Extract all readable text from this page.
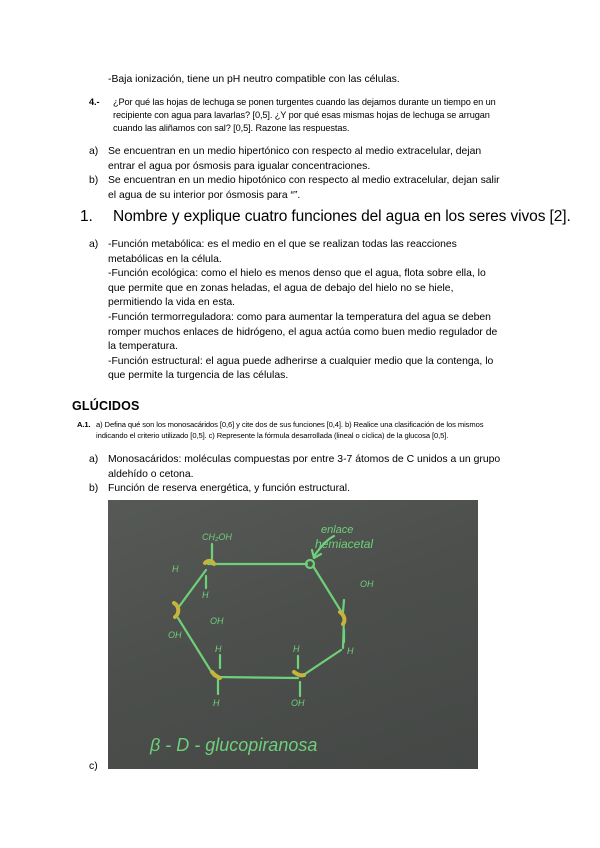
-Baja ionización, tiene un pH neutro compatible con las células.
4.- ¿Por qué las hojas de lechuga se ponen turgentes cuando las dejamos durante un tiempo en un
recipiente con agua para lavarlas? [0,5]. ¿Y por qué esas mismas hojas de lechuga se arrugan
cuando las aliñamos con sal? [0,5]. Razone las respuestas.
a) Se encuentran en un medio hipertónico con respecto al medio extracelular, dejan
entrar el agua por ósmosis para igualar concentraciones.
b) Se encuentran en un medio hipotónico con respecto al medio extracelular, dejan salir
el agua de su interior por ósmosis para “”.
1. Nombre y explique cuatro funciones del agua en los seres vivos [2].
a) -Función metabólica: es el medio en el que se realizan todas las reacciones
metabólicas en la célula.
-Función ecológica: como el hielo es menos denso que el agua, flota sobre ella, lo
que permite que en zonas heladas, el agua de debajo del hielo no se hiele,
permitiendo la vida en esta.
-Función termorreguladora: como para aumentar la temperatura del agua se deben
romper muchos enlaces de hidrógeno, el agua actúa como buen medio regulador de
la temperatura.
-Función estructural: el agua puede adherirse a cualquier medio que la contenga, lo
que permite la turgencia de las células.
GLÚCIDOS
A.1. a) Defina qué son los monosacáridos [0,6] y cite dos de sus funciones [0,4]. b) Realice una clasificación de los mismos
indicando el criterio utilizado [0,5]. c) Represente la fórmula desarrollada (lineal o cíclica) de la glucosa [0,5].
a) Monosacáridos: moléculas compuestas por entre 3-7 átomos de C unidos a un grupo
aldehído o cetona.
b) Función de reserva energética, y función estructural.
c)
CH₂OH
enlace
hemiacetal
H
H
OH
OH
OH
H	H	H
H	OH
β - D - glucopiranosa
